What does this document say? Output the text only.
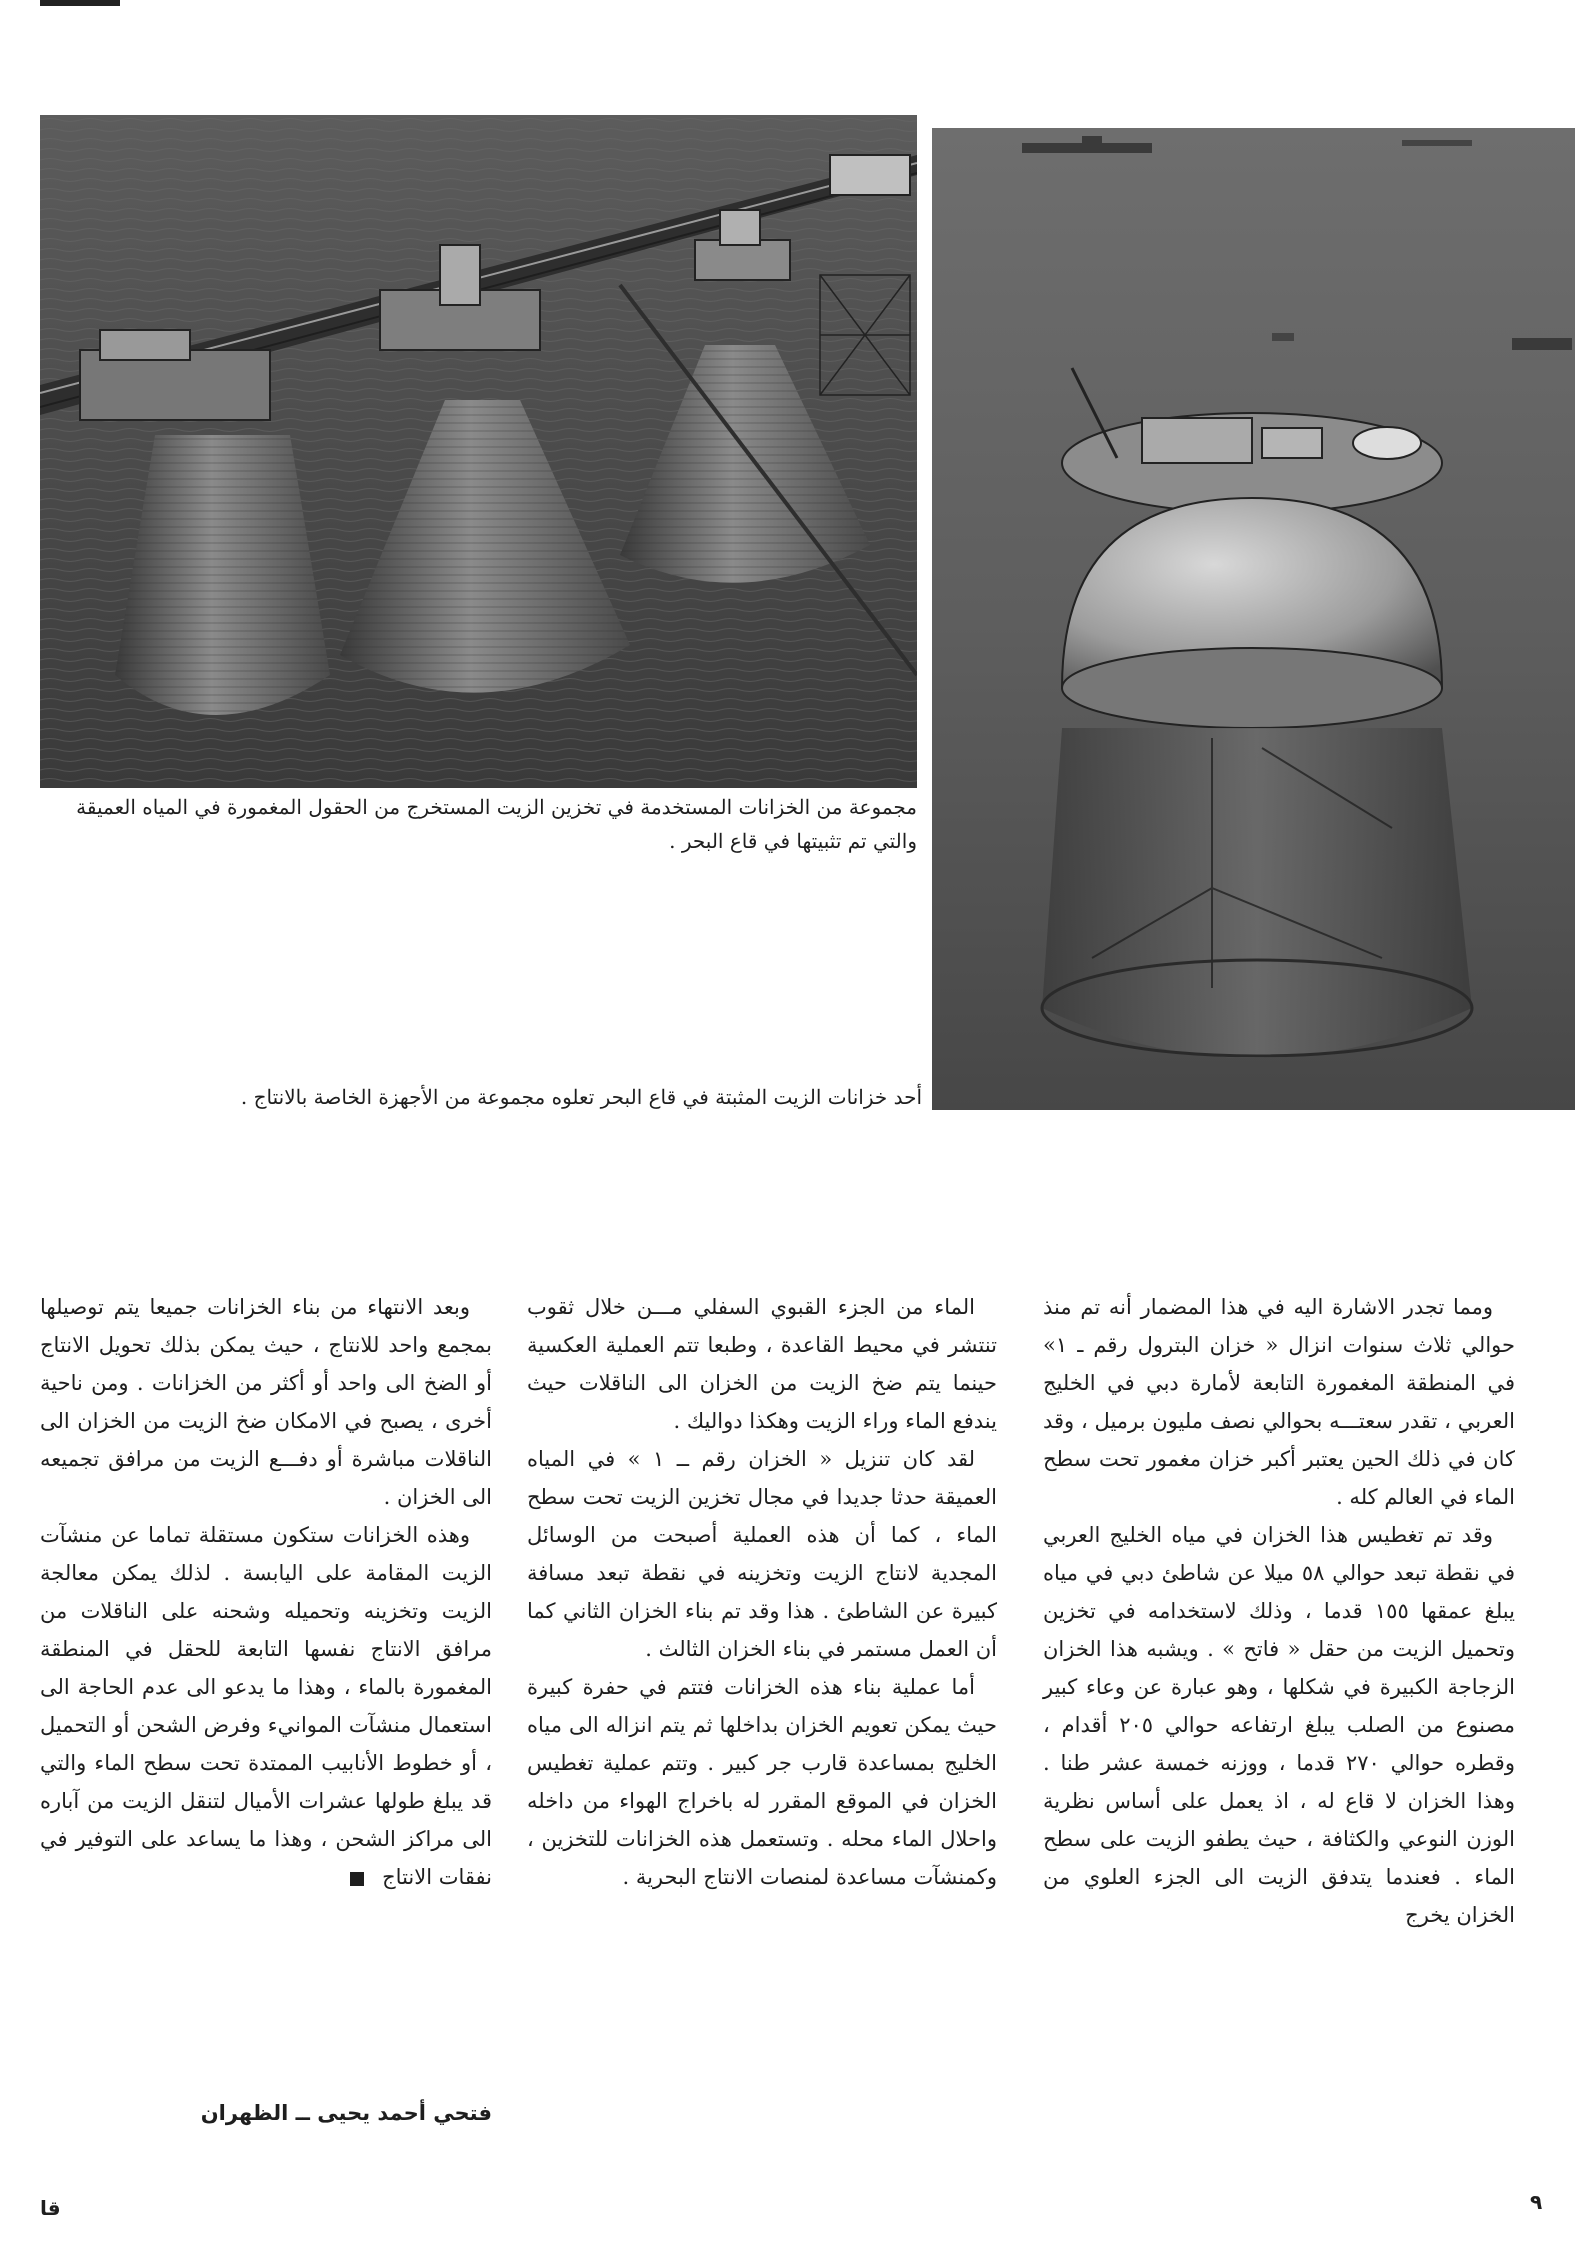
مجموعة من الخزانات المستخدمة في تخزين الزيت المستخرج من الحقول المغمورة في المياه العميقة والتي تم تثبيتها في قاع البحر .
أحد خزانات الزيت المثبتة في قاع البحر تعلوه مجموعة من الأجهزة الخاصة بالانتاج .

ومما تجدر الاشارة اليه في هذا المضمار أنه تم منذ حوالي ثلاث سنوات انزال « خزان البترول رقم ـ ١» في المنطقة المغمورة التابعة لأمارة دبي في الخليج العربي ، تقدر سعتـــه بحوالي نصف مليون برميل ، وقد كان في ذلك الحين يعتبر أكبر خزان مغمور تحت سطح الماء في العالم كله .

وقد تم تغطيس هذا الخزان في مياه الخليج العربي في نقطة تبعد حوالي ٥٨ ميلا عن شاطئ دبي في مياه يبلغ عمقها ١٥٥ قدما ، وذلك لاستخدامه في تخزين وتحميل الزيت من حقل « فاتح » . ويشبه هذا الخزان الزجاجة الكبيرة في شكلها ، وهو عبارة عن وعاء كبير مصنوع من الصلب يبلغ ارتفاعه حوالي ٢٠٥ أقدام ، وقطره حوالي ٢٧٠ قدما ، ووزنه خمسة عشر طنا . وهذا الخزان لا قاع له ، اذ يعمل على أساس نظرية الوزن النوعي والكثافة ، حيث يطفو الزيت على سطح الماء . فعندما يتدفق الزيت الى الجزء العلوي من الخزان يخرج

الماء من الجزء القبوي السفلي مـــن خلال ثقوب تنتشر في محيط القاعدة ، وطبعا تتم العملية العكسية حينما يتم ضخ الزيت من الخزان الى الناقلات حيث يندفع الماء وراء الزيت وهكذا دواليك .

لقد كان تنزيل « الخزان رقم ــ ١ » في المياه العميقة حدثا جديدا في مجال تخزين الزيت تحت سطح الماء ، كما أن هذه العملية أصبحت من الوسائل المجدية لانتاج الزيت وتخزينه في نقطة تبعد مسافة كبيرة عن الشاطئ . هذا وقد تم بناء الخزان الثاني كما أن العمل مستمر في بناء الخزان الثالث .

أما عملية بناء هذه الخزانات فتتم في حفرة كبيرة حيث يمكن تعويم الخزان بداخلها ثم يتم انزاله الى مياه الخليج بمساعدة قارب جر كبير . وتتم عملية تغطيس الخزان في الموقع المقرر له باخراج الهواء من داخله واحلال الماء محله . وتستعمل هذه الخزانات للتخزين ، وكمنشآت مساعدة لمنصات الانتاج البحرية .

وبعد الانتهاء من بناء الخزانات جميعا يتم توصيلها بمجمع واحد للانتاج ، حيث يمكن بذلك تحويل الانتاج أو الضخ الى واحد أو أكثر من الخزانات . ومن ناحية أخرى ، يصبح في الامكان ضخ الزيت من الخزان الى الناقلات مباشرة أو دفـــع الزيت من مرافق تجميعه الى الخزان .

وهذه الخزانات ستكون مستقلة تماما عن منشآت الزيت المقامة على اليابسة . لذلك يمكن معالجة الزيت وتخزينه وتحميله وشحنه على الناقلات من مرافق الانتاج نفسها التابعة للحقل في المنطقة المغمورة بالماء ، وهذا ما يدعو الى عدم الحاجة الى استعمال منشآت الموانيء وفرض الشحن أو التحميل ، أو خطوط الأنابيب الممتدة تحت سطح الماء والتي قد يبلغ طولها عشرات الأميال لتنقل الزيت من آباره الى مراكز الشحن ، وهذا ما يساعد على التوفير في نفقات الانتاج

فتحي أحمد يحيى ــ الظهران
٩
قا
